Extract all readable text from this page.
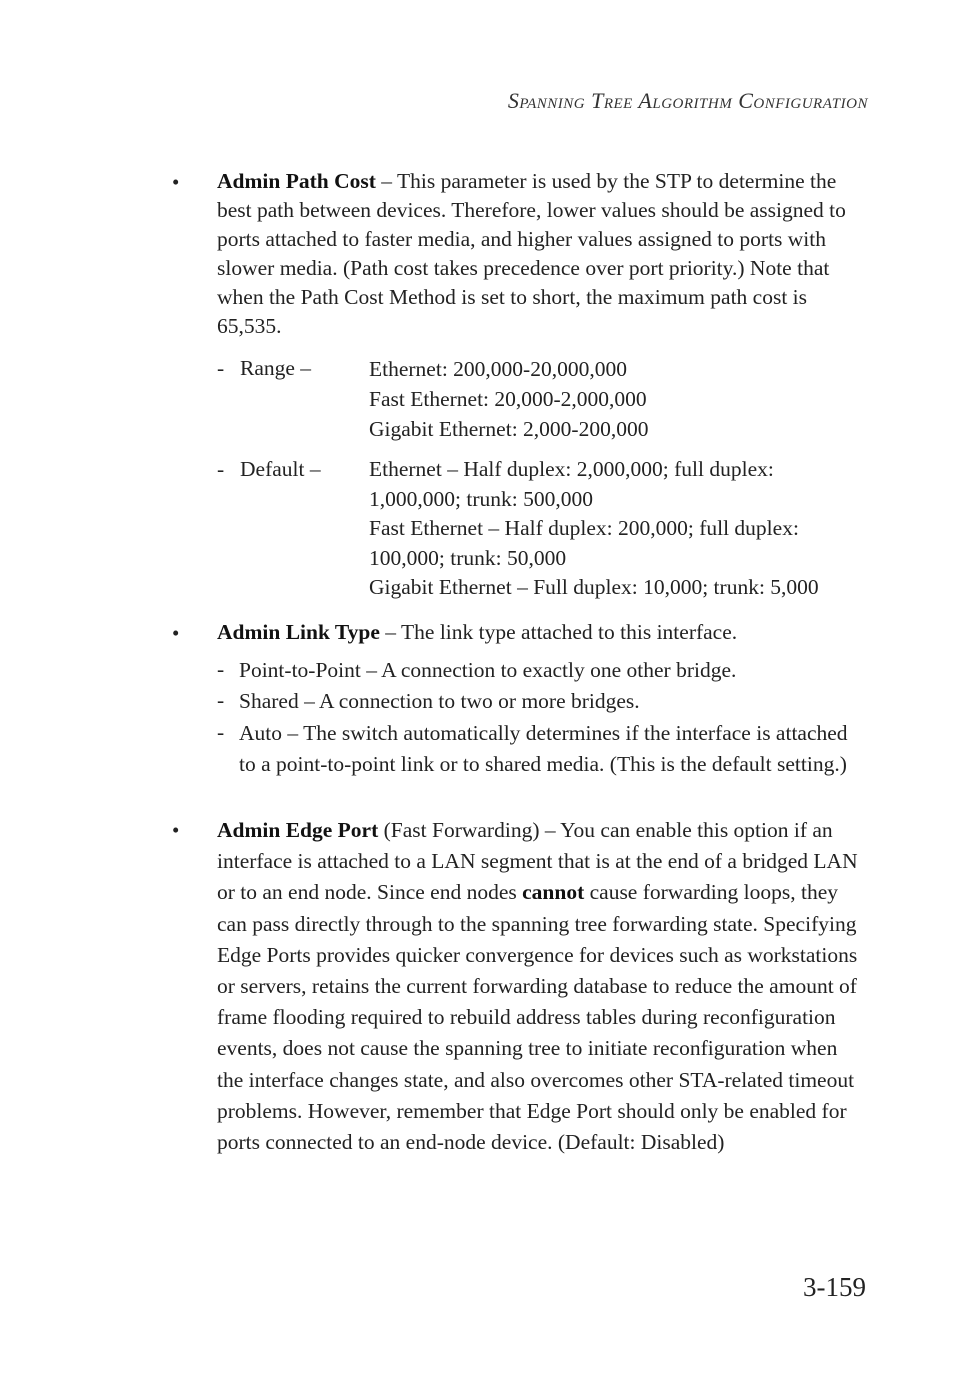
Spanning Tree Algorithm Configuration
• Admin Path Cost – This parameter is used by the STP to determine the best path between devices. Therefore, lower values should be assigned to ports attached to faster media, and higher values assigned to ports with slower media. (Path cost takes precedence over port priority.) Note that when the Path Cost Method is set to short, the maximum path cost is 65,535.
- Range –	Ethernet: 200,000-20,000,000
Fast Ethernet: 20,000-2,000,000
Gigabit Ethernet: 2,000-200,000
- Default – Ethernet – Half duplex: 2,000,000; full duplex: 1,000,000; trunk: 500,000
Fast Ethernet – Half duplex: 200,000; full duplex: 100,000; trunk: 50,000
Gigabit Ethernet – Full duplex: 10,000; trunk: 5,000
• Admin Link Type – The link type attached to this interface.
- Point-to-Point – A connection to exactly one other bridge.
- Shared – A connection to two or more bridges.
- Auto – The switch automatically determines if the interface is attached to a point-to-point link or to shared media. (This is the default setting.)
• Admin Edge Port (Fast Forwarding) – You can enable this option if an interface is attached to a LAN segment that is at the end of a bridged LAN or to an end node. Since end nodes cannot cause forwarding loops, they can pass directly through to the spanning tree forwarding state. Specifying Edge Ports provides quicker convergence for devices such as workstations or servers, retains the current forwarding database to reduce the amount of frame flooding required to rebuild address tables during reconfiguration events, does not cause the spanning tree to initiate reconfiguration when the interface changes state, and also overcomes other STA-related timeout problems. However, remember that Edge Port should only be enabled for ports connected to an end-node device. (Default: Disabled)
3-159
